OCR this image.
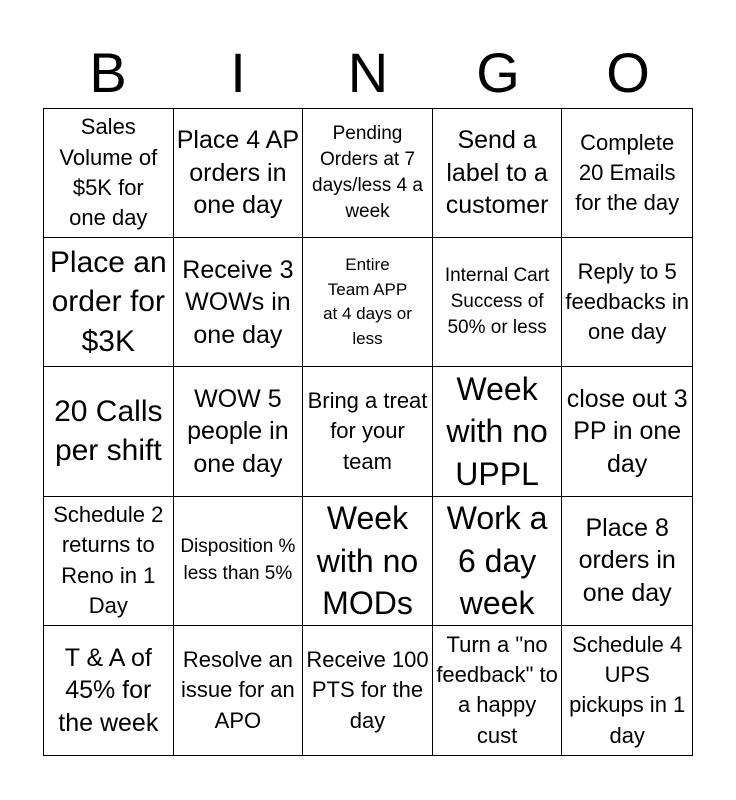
B	I	N	G	O
Sales Volume of $5K for one day
Place 4 AP orders in one day
Pending Orders at 7 days/less 4 a week
Send a label to a customer
Complete 20 Emails for the day
Place an order for $3K
Receive 3 WOWs in one day
Entire Team APP at 4 days or less
Internal Cart Success of 50% or less
Reply to 5 feedbacks in one day
20 Calls per shift
WOW 5 people in one day
Bring a treat for your team
Week with no UPPL
close out 3 PP in one day
Schedule 2 returns to Reno in 1 Day
Disposition % less than 5%
Week with no MODs
Work a 6 day week
Place 8 orders in one day
T & A of 45% for the week
Resolve an issue for an APO
Receive 100 PTS for the day
Turn a "no feedback" to a happy cust
Schedule 4 UPS pickups in 1 day
